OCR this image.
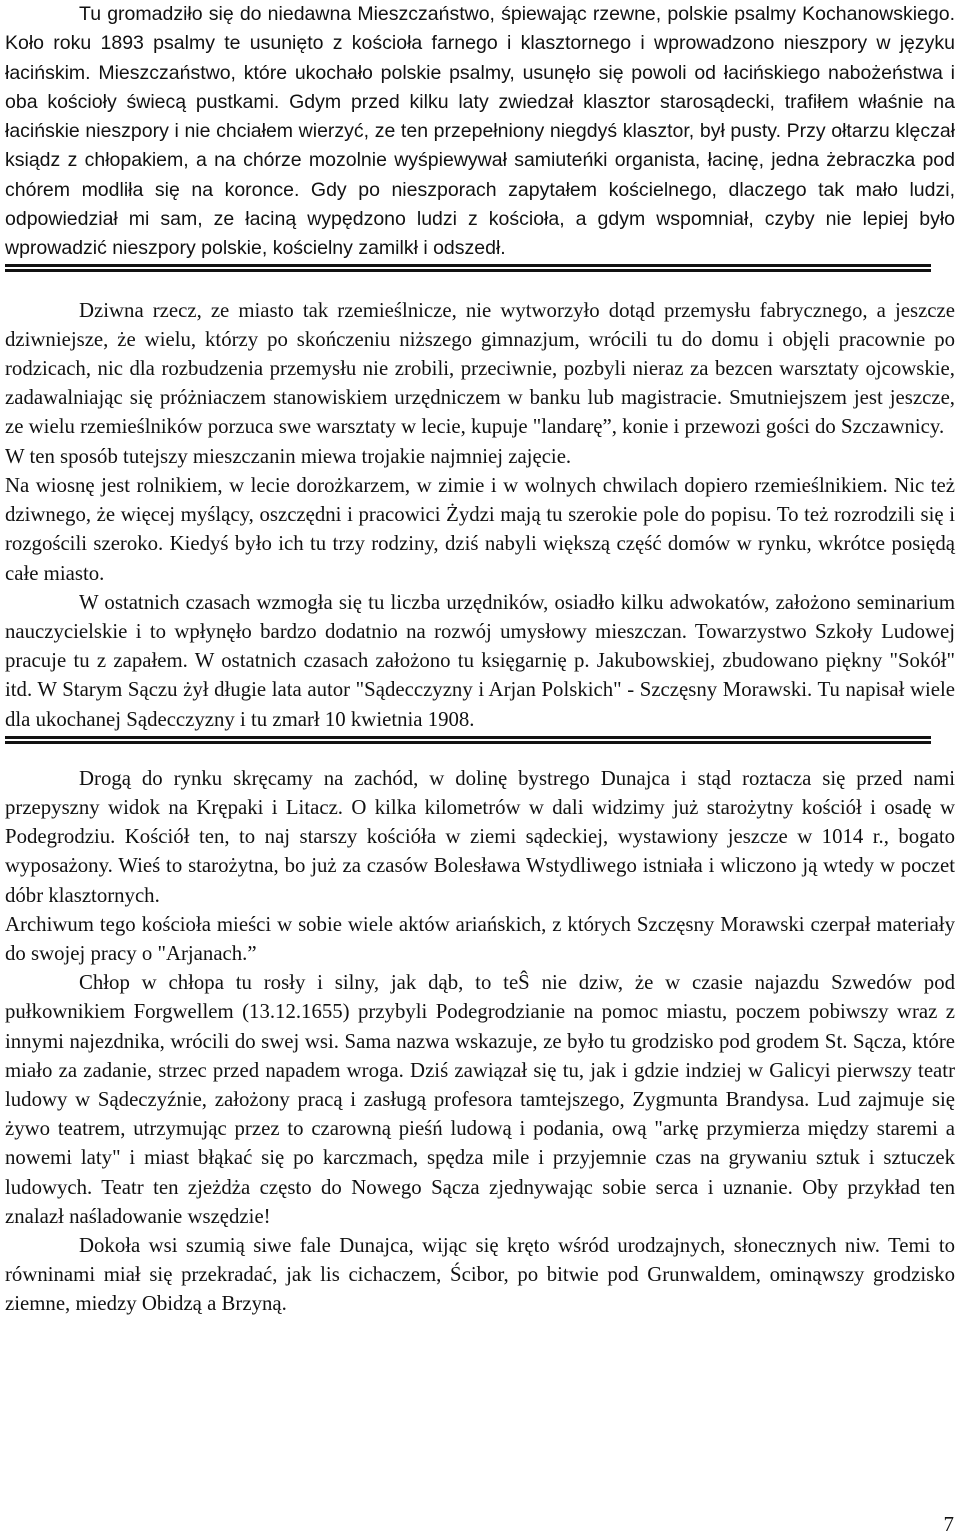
Tu gromadziło się do niedawna Mieszczaństwo, śpiewając rzewne, polskie psalmy Kochanowskiego. Koło roku 1893 psalmy te usunięto z kościoła farnego i klasztornego i wprowadzono nieszpory w języku łacińskim. Mieszczaństwo, które ukochało polskie psalmy, usunęło się powoli od łacińskiego nabożeństwa i oba kościoły świecą pustkami. Gdym przed kilku laty zwiedzał klasztor starosądecki, trafiłem właśnie na łacińskie nieszpory i nie chciałem wierzyć, ze ten przepełniony niegdyś klasztor, był pusty. Przy ołtarzu klęczał ksiądz z chłopakiem, a na chórze mozolnie wyśpiewywał samiuteńki organista, łacinę, jedna żebraczka pod chórem modliła się na koronce. Gdy po nieszporach zapytałem kościelnego, dlaczego tak mało ludzi, odpowiedział mi sam, ze łaciną wypędzono ludzi z kościoła, a gdym wspomniał, czyby nie lepiej było wprowadzić nieszpory polskie, kościelny zamilkł i odszedł.

Dziwna rzecz, ze miasto tak rzemieślnicze, nie wytworzyło dotąd przemysłu fabrycznego, a jeszcze dziwniejsze, że wielu, którzy po skończeniu niższego gimnazjum, wrócili tu do domu i objęli pracownie po rodzicach, nic dla rozbudzenia przemysłu nie zrobili, przeciwnie, pozbyli nieraz za bezcen warsztaty ojcowskie, zadawalniając się próżniaczem stanowiskiem urzędniczem w banku lub magistracie. Smutniejszem jest jeszcze, ze wielu rzemieślników porzuca swe warsztaty w lecie, kupuje "landarę”, konie i przewozi gości do Szczawnicy.

W ten sposób tutejszy mieszczanin miewa trojakie najmniej zajęcie.

Na wiosnę jest rolnikiem, w lecie dorożkarzem, w zimie i w wolnych chwilach dopiero rzemieślnikiem. Nic też dziwnego, że więcej myślący, oszczędni i pracowici Żydzi mają tu szerokie pole do popisu. To też rozrodzili się i rozgościli szeroko. Kiedyś było ich tu trzy rodziny, dziś nabyli większą część domów w rynku, wkrótce posiędą całe miasto.

W ostatnich czasach wzmogła się tu liczba urzędników, osiadło kilku adwokatów, założono seminarium nauczycielskie i to wpłynęło bardzo dodatnio na rozwój umysłowy mieszczan. Towarzystwo Szkoły Ludowej pracuje tu z zapałem. W ostatnich czasach założono tu księgarnię p. Jakubowskiej, zbudowano piękny "Sokół" itd. W Starym Sączu żył długie lata autor "Sądecczyzny i Arjan Polskich" - Szczęsny Morawski. Tu napisał wiele dla ukochanej Sądecczyzny i tu zmarł 10 kwietnia 1908.

Drogą do rynku skręcamy na zachód, w dolinę bystrego Dunajca i stąd roztacza się przed nami przepyszny widok na Krępaki i Litacz. O kilka kilometrów w dali widzimy już starożytny kościół i osadę w Podegrodziu. Kościół ten, to naj starszy kościóła w ziemi sądeckiej, wystawiony jeszcze w 1014 r., bogato wyposażony. Wieś to starożytna, bo już za czasów Bolesława Wstydliwego istniała i wliczono ją wtedy w poczet dóbr klasztornych.

Archiwum tego kościoła mieści w sobie wiele aktów ariańskich, z których Szczęsny Morawski czerpał materiały do swojej pracy o "Arjanach.”

Chłop w chłopa tu rosły i silny, jak dąb, to teŜ nie dziw, że w czasie najazdu Szwedów pod pułkownikiem Forgwellem (13.12.1655) przybyli Podegrodzianie na pomoc miastu, poczem pobiwszy wraz z innymi najezdnika, wrócili do swej wsi. Sama nazwa wskazuje, ze było tu grodzisko pod grodem St. Sącza, które miało za zadanie, strzec przed napadem wroga. Dziś zawiązał się tu, jak i gdzie indziej w Galicyi pierwszy teatr ludowy w Sądeczyźnie, założony pracą i zasługą profesora tamtejszego, Zygmunta Brandysa. Lud zajmuje się żywo teatrem, utrzymując przez to czarowną pieśń ludową i podania, ową "arkę przymierza między staremi a nowemi laty" i miast błąkać się po karczmach, spędza mile i przyjemnie czas na grywaniu sztuk i sztuczek ludowych. Teatr ten zjeżdża często do Nowego Sącza zjednywając sobie serca i uznanie. Oby przykład ten znalazł naśladowanie wszędzie!

Dokoła wsi szumią siwe fale Dunajca, wijąc się kręto wśród urodzajnych, słonecznych niw. Temi to równinami miał się przekradać, jak lis cichaczem, Ścibor, po bitwie pod Grunwaldem, ominąwszy grodzisko ziemne, miedzy Obidzą a Brzyną.

7
